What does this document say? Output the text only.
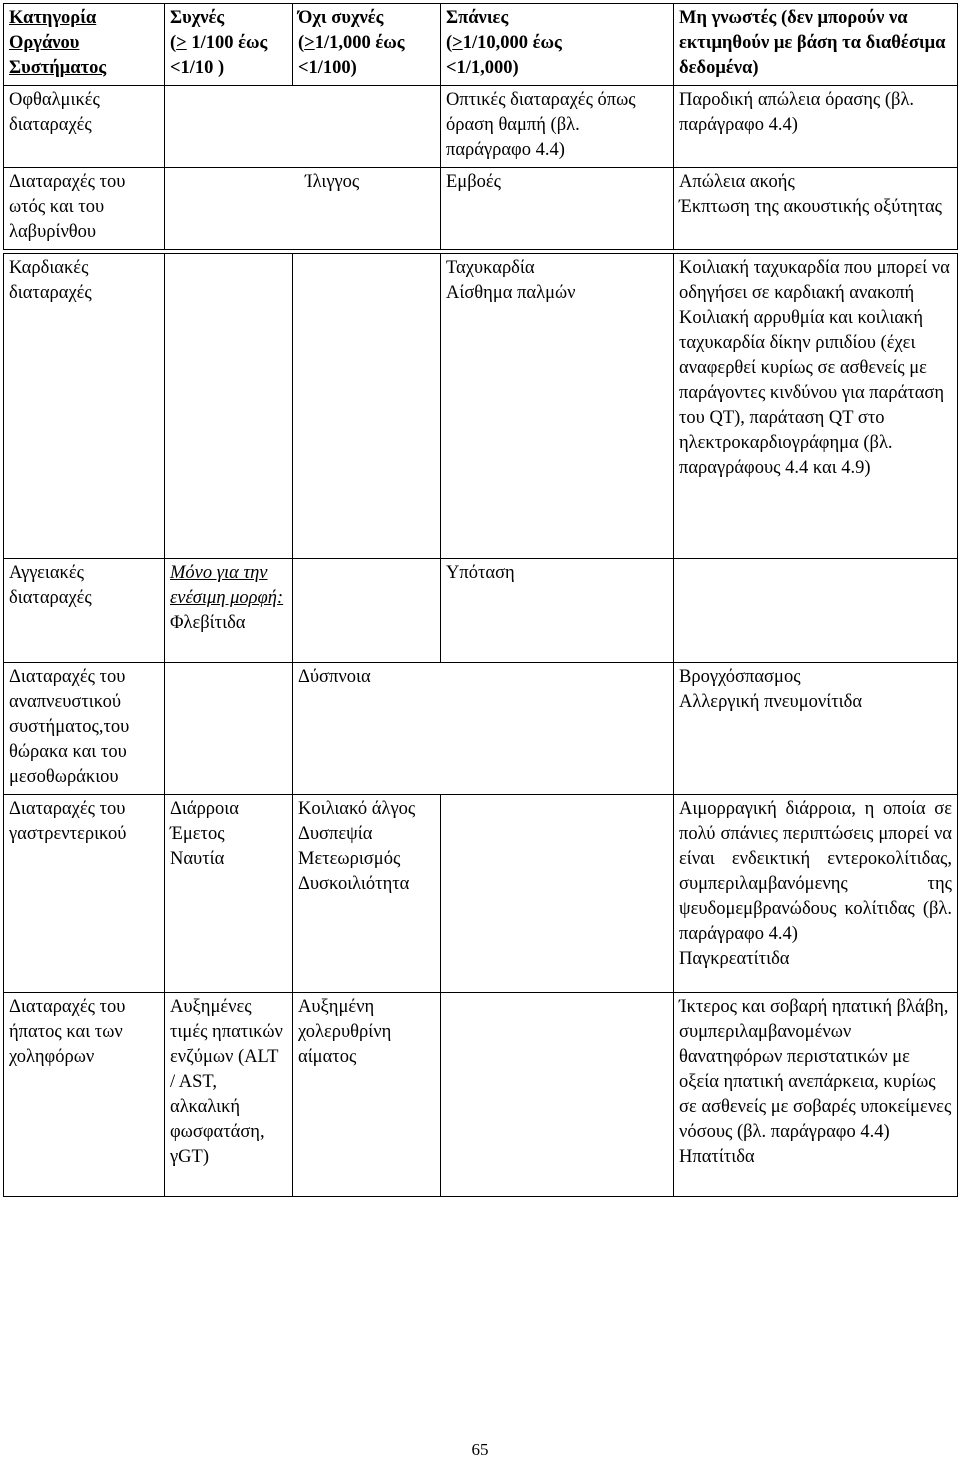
Κατηγορία
Οργάνου
Συστήματος	Συχνές
(≥ 1/100 έως
<1/10 )	Όχι συχνές
(≥1/1,000 έως
<1/100)	Σπάνιες
(≥1/10,000 έως
<1/1,000)	Μη γνωστές (δεν μπορούν να εκτιμηθούν με βάση τα διαθέσιμα δεδομένα)
Οφθαλμικές διαταραχές			Οπτικές διαταραχές όπως όραση θαμπή (βλ. παράγραφο 4.4)	Παροδική απώλεια όρασης (βλ. παράγραφο 4.4)
Διαταραχές του ωτός και του λαβυρίνθου	Ίλιγγος		Εμβοές	Απώλεια ακοής
Έκπτωση της ακουστικής οξύτητας
Καρδιακές διαταραχές			Ταχυκαρδία
Αίσθημα παλμών	Κοιλιακή ταχυκαρδία που μπορεί να οδηγήσει σε καρδιακή ανακοπή
Κοιλιακή αρρυθμία και κοιλιακή ταχυκαρδία δίκην ριπιδίου (έχει αναφερθεί κυρίως σε ασθενείς με παράγοντες κινδύνου για παράταση του QT), παράταση QT στο ηλεκτροκαρδιογράφημα (βλ. παραγράφους 4.4 και 4.9)

Αγγειακές διαταραχές	Μόνο για την ενέσιμη μορφή:
Φλεβίτιδα		Υπόταση	
Διαταραχές του αναπνευστικού συστήματος,του θώρακα και του μεσοθωράκιου		Δύσπνοια		Βρογχόσπασμος
Αλλεργική πνευμονίτιδα

Διαταραχές του γαστρεντερικού	Διάρροια
Έμετος
Ναυτία	Κοιλιακό άλγος
Δυσπεψία
Μετεωρισμός
Δυσκοιλιότητα		Αιμορραγική διάρροια, η οποία σε πολύ σπάνιες περιπτώσεις μπορεί να είναι ενδεικτική εντεροκολίτιδας, συμπεριλαμβανόμενης της ψευδομεμβρανώδους κολίτιδας (βλ. παράγραφο 4.4)
Παγκρεατίτιδα

Διαταραχές του ήπατος και των χοληφόρων	Αυξημένες τιμές ηπατικών ενζύμων (ALT / AST, αλκαλική φωσφατάση, γGT)	Αυξημένη χολερυθρίνη αίματος		Ίκτερος και σοβαρή ηπατική βλάβη, συμπεριλαμβανομένων θανατηφόρων περιστατικών με οξεία ηπατική ανεπάρκεια, κυρίως σε ασθενείς με σοβαρές υποκείμενες νόσους (βλ. παράγραφο 4.4)
Ηπατίτιδα
65
